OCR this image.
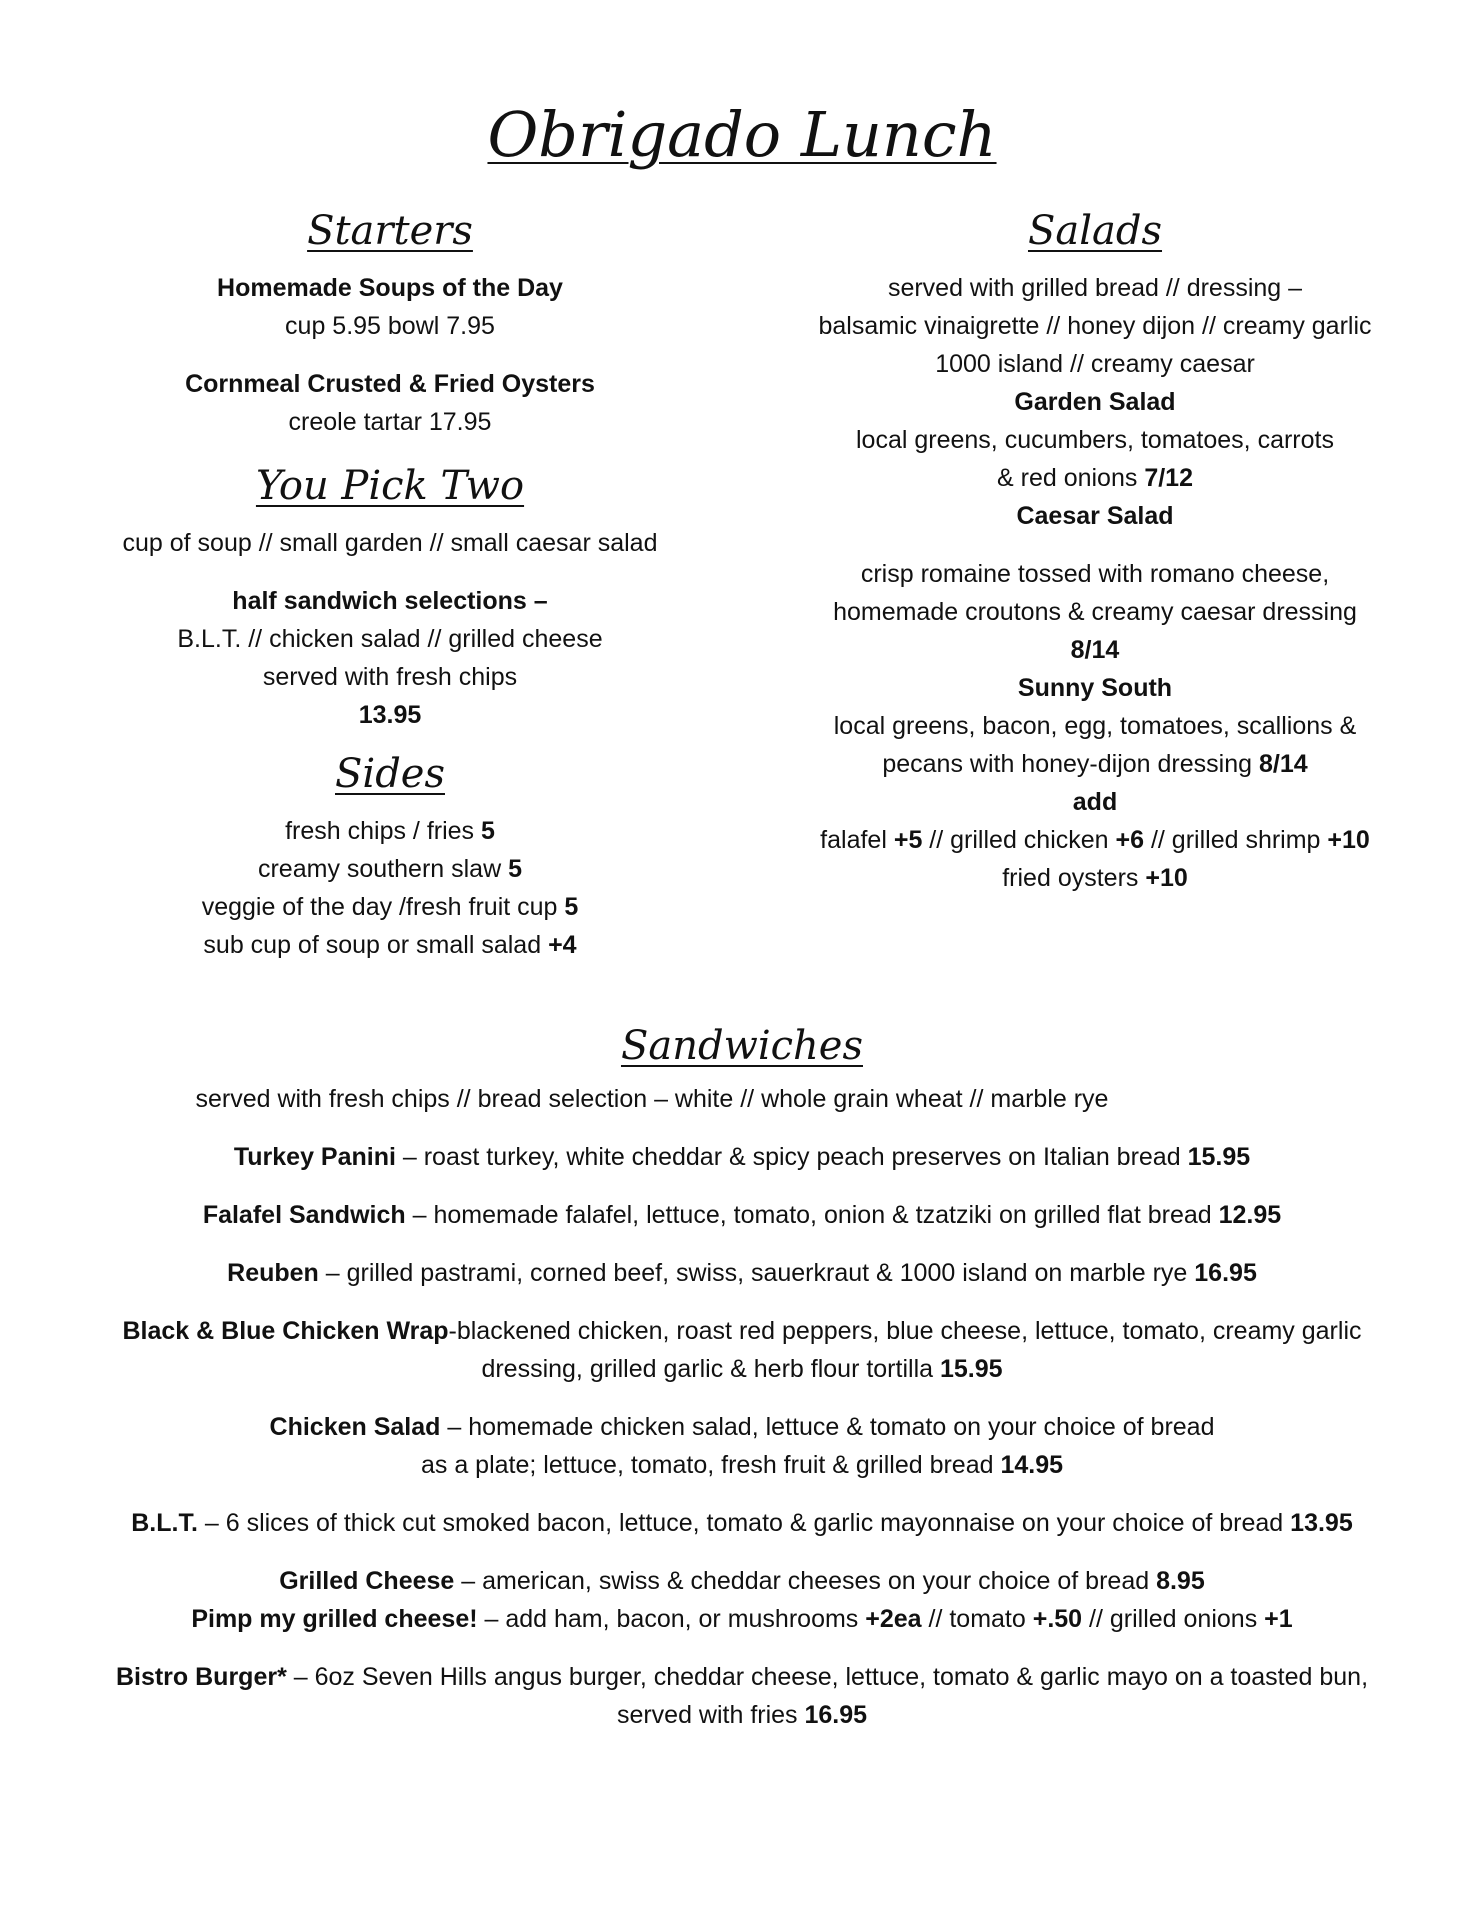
Obrigado Lunch
Starters
Homemade Soups of the Day
cup 5.95 bowl 7.95
Cornmeal Crusted & Fried Oysters
creole tartar 17.95
You Pick Two
cup of soup // small garden // small caesar salad
half sandwich selections –
B.L.T. // chicken salad // grilled cheese
served with fresh chips
13.95
Sides
fresh chips / fries 5
creamy southern slaw 5
veggie of the day /fresh fruit cup 5
sub cup of soup or small salad +4
Salads
served with grilled bread // dressing –
balsamic vinaigrette // honey dijon // creamy garlic
1000 island // creamy caesar
Garden Salad
local greens, cucumbers, tomatoes, carrots
& red onions 7/12
Caesar Salad
crisp romaine tossed with romano cheese,
homemade croutons & creamy caesar dressing
8/14
Sunny South
local greens, bacon, egg, tomatoes, scallions &
pecans with honey-dijon dressing 8/14
add
falafel +5 // grilled chicken +6 // grilled shrimp +10
fried oysters +10
Sandwiches
served with fresh chips // bread selection – white // whole grain wheat // marble rye
Turkey Panini – roast turkey, white cheddar & spicy peach preserves on Italian bread 15.95
Falafel Sandwich – homemade falafel, lettuce, tomato, onion & tzatziki on grilled flat bread 12.95
Reuben – grilled pastrami, corned beef, swiss, sauerkraut & 1000 island on marble rye 16.95
Black & Blue Chicken Wrap-blackened chicken, roast red peppers, blue cheese, lettuce, tomato, creamy garlic
dressing, grilled garlic & herb flour tortilla 15.95
Chicken Salad – homemade chicken salad, lettuce & tomato on your choice of bread
as a plate; lettuce, tomato, fresh fruit & grilled bread 14.95
B.L.T. – 6 slices of thick cut smoked bacon, lettuce, tomato & garlic mayonnaise on your choice of bread 13.95
Grilled Cheese – american, swiss & cheddar cheeses on your choice of bread 8.95
Pimp my grilled cheese! – add ham, bacon, or mushrooms +2ea // tomato +.50 // grilled onions +1
Bistro Burger* – 6oz Seven Hills angus burger, cheddar cheese, lettuce, tomato & garlic mayo on a toasted bun,
served with fries 16.95
